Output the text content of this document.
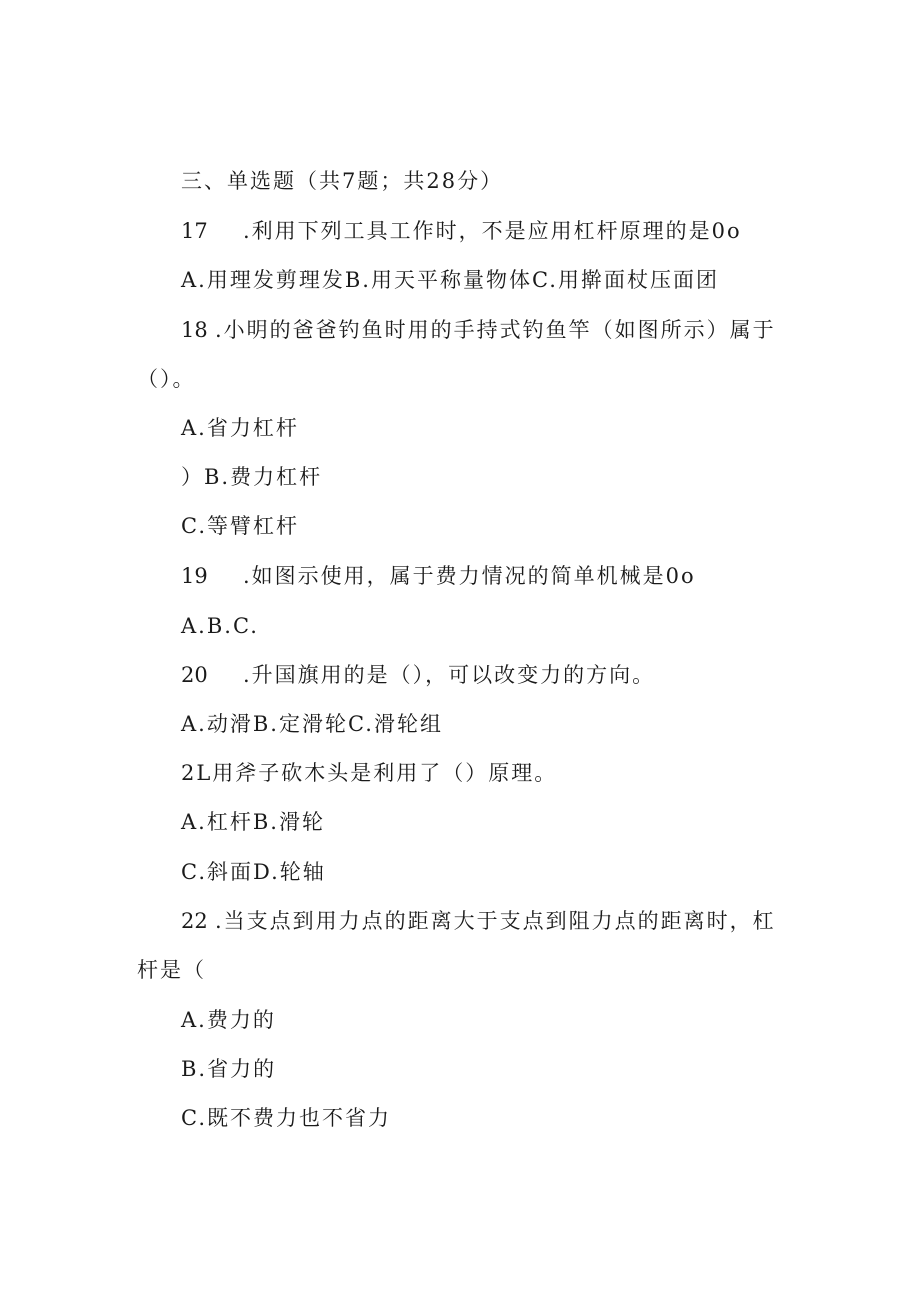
三、单选题（共7题；共28分）
17 .利用下列工具工作时，不是应用杠杆原理的是0o
A.用理发剪理发B.用天平称量物体C.用擀面杖压面团
18 .小明的爸爸钓鱼时用的手持式钓鱼竿（如图所示）属于
（）。
A.省力杠杆
）B.费力杠杆
C.等臂杠杆
19 .如图示使用，属于费力情况的简单机械是0o
A.B.C.
20 .升国旗用的是（），可以改变力的方向。
A.动滑B.定滑轮C.滑轮组
2L用斧子砍木头是利用了（）原理。
A.杠杆B.滑轮
C.斜面D.轮轴
22 .当支点到用力点的距离大于支点到阻力点的距离时，杠
杆是（
A.费力的
B.省力的
C.既不费力也不省力
